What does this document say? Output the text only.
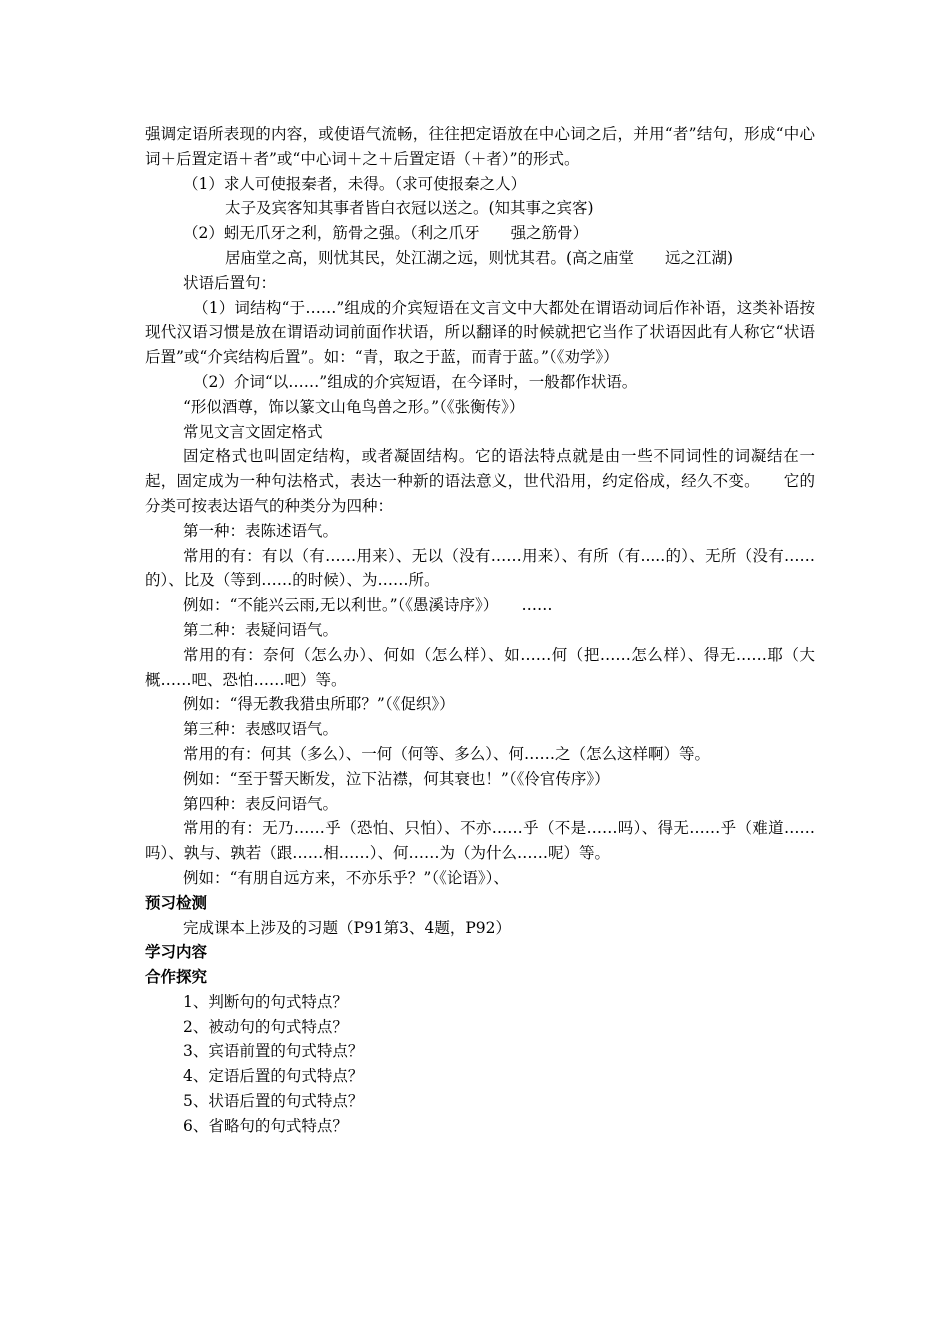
强调定语所表现的内容，或使语气流畅，往往把定语放在中心词之后，并用“者”结句，形成“中心词＋后置定语＋者”或“中心词＋之＋后置定语（＋者）”的形式。

（1）求人可使报秦者，未得。（求可使报秦之人）

太子及宾客知其事者皆白衣冠以送之。(知其事之宾客)

（2）蚓无爪牙之利，筋骨之强。（利之爪牙　　强之筋骨）

居庙堂之高，则忧其民，处江湖之远，则忧其君。(高之庙堂　　远之江湖)

状语后置句：

（1）词结构“于……”组成的介宾短语在文言文中大都处在谓语动词后作补语，这类补语按现代汉语习惯是放在谓语动词前面作状语，所以翻译的时候就把它当作了状语因此有人称它“状语后置”或“介宾结构后置”。如：“青，取之于蓝，而青于蓝。”（《劝学》）

（2）介词“以……”组成的介宾短语，在今译时，一般都作状语。

“形似酒尊，饰以篆文山龟鸟兽之形。”（《张衡传》）

常见文言文固定格式

固定格式也叫固定结构，或者凝固结构。它的语法特点就是由一些不同词性的词凝结在一起，固定成为一种句法格式，表达一种新的语法意义，世代沿用，约定俗成，经久不变。　　它的分类可按表达语气的种类分为四种：

第一种：表陈述语气。

常用的有：有以（有……用来）、无以（没有……用来）、有所（有.....的）、无所（没有……的）、比及（等到……的时候）、为……所。

例如：“不能兴云雨,无以利世。”（《愚溪诗序》）　　……

第二种：表疑问语气。

常用的有：奈何（怎么办）、何如（怎么样）、如……何（把……怎么样）、得无……耶（大概……吧、恐怕……吧）等。

例如：“得无教我猎虫所耶？”（《促织》）

第三种：表感叹语气。

常用的有：何其（多么）、一何（何等、多么）、何……之（怎么这样啊）等。

例如：“至于誓天断发，泣下沾襟，何其衰也！”（《伶官传序》）

第四种：表反问语气。

常用的有：无乃……乎（恐怕、只怕）、不亦……乎（不是……吗）、得无……乎（难道……吗）、孰与、孰若（跟……相……）、何……为（为什么……呢）等。

例如：“有朋自远方来，不亦乐乎？”（《论语》）、

预习检测

完成课本上涉及的习题（P91第3、4题，P92）

学习内容

合作探究

1、判断句的句式特点？

2、被动句的句式特点？

3、宾语前置的句式特点？

4、定语后置的句式特点？

5、状语后置的句式特点？

6、省略句的句式特点？
